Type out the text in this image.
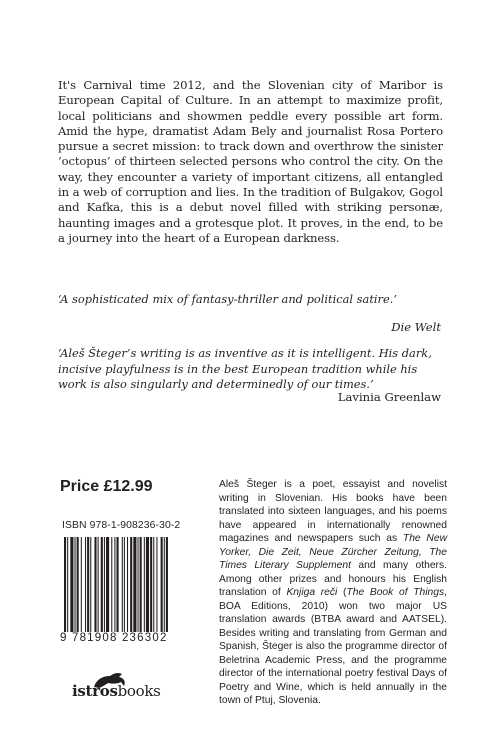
It's Carnival time 2012, and the Slovenian city of Maribor is European Capital of Culture. In an attempt to maximize profit, local politicians and showmen peddle every possible art form. Amid the hype, dramatist Adam Bely and journalist Rosa Portero pursue a secret mission: to track down and overthrow the sinister ‘octopus’ of thirteen selected persons who control the city. On the way, they encounter a variety of important citizens, all entangled in a web of corruption and lies. In the tradition of Bulgakov, Gogol and Kafka, this is a debut novel filled with striking personæ, haunting images and a grotesque plot. It proves, in the end, to be a journey into the heart of a European darkness.

‘A sophisticated mix of fantasy-thriller and political satire.’

Die Welt

‘Aleš Šteger’s writing is as inventive as it is intelligent. His dark, incisive playfulness is in the best European tradition while his work is also singularly and determinedly of our times.’

Lavinia Greenlaw
Price £12.99
ISBN 978-1-908236-30-2
9 781908 236302
istrosbooks

Aleš Šteger is a poet, essayist and novelist writing in Slovenian. His books have been translated into sixteen languages, and his poems have appeared in internationally renowned magazines and newspapers such as The New Yorker, Die Zeit, Neue Zürcher Zeitung, The Times Literary Supplement and many others. Among other prizes and honours his English translation of Knjiga reči (The Book of Things, BOA Editions, 2010) won two major US translation awards (BTBA award and AATSEL). Besides writing and translating from German and Spanish, Šteger is also the programme director of Beletrina Academic Press, and the programme director of the international poetry festival Days of Poetry and Wine, which is held annually in the town of Ptuj, Slovenia.
